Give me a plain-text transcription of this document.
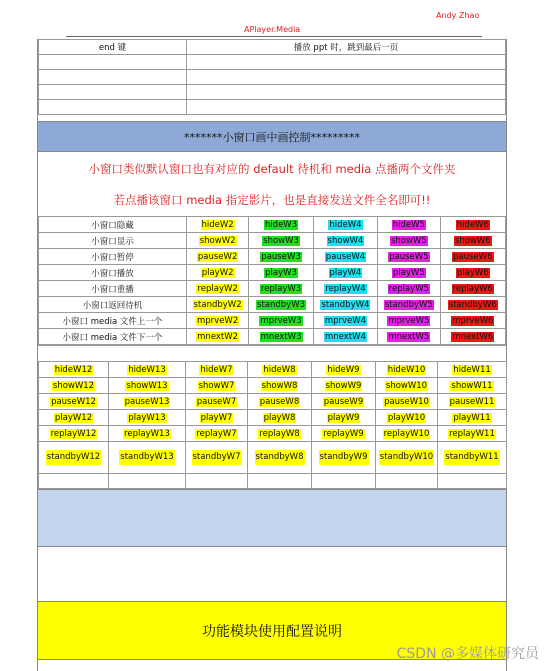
Andy Zhao
APlayer.Media
end 键	播放 ppt 时，跳到最后一页

*******小窗口画中画控制*********
小窗口类似默认窗口也有对应的 default 待机和 media 点播两个文件夹
若点播该窗口 media 指定影片，也是直接发送文件全名即可!!
小窗口隐藏	hideW2	hideW3	hideW4	hideW5	hideW6
小窗口显示	showW2	showW3	showW4	showW5	showW6
小窗口暂停	pauseW2	pauseW3	pauseW4	pauseW5	pauseW6
小窗口播放	playW2	playW3	playW4	playW5	playW6
小窗口重播	replayW2	replayW3	replayW4	replayW5	replayW6
小窗口返回待机	standbyW2	standbyW3	standbyW4	standbyW5	standbyW6
小窗口 media 文件上一个	mprveW2	mprveW3	mprveW4	mprveW5	mprveW6
小窗口 media 文件下一个	mnextW2	mnextW3	mnextW4	mnextW5	mnextW6
hideW12	hideW13	hideW7	hideW8	hideW9	hideW10	hideW11
showW12	showW13	showW7	showW8	showW9	showW10	showW11
pauseW12	pauseW13	pauseW7	pauseW8	pauseW9	pauseW10	pauseW11
playW12	playW13	playW7	playW8	playW9	playW10	playW11
replayW12	replayW13	replayW7	replayW8	replayW9	replayW10	replayW11
standbyW12	standbyW13	standbyW7	standbyW8	standbyW9	standbyW10	standbyW11

功能模块使用配置说明
CSDN @多媒体研究员
